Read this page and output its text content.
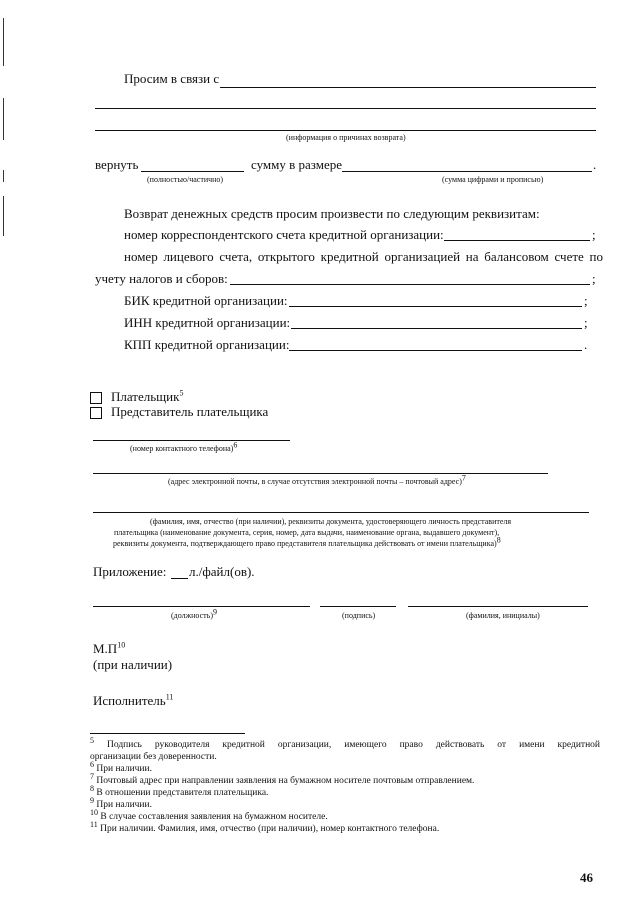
Просим в связи с
(информация о причинах возврата)
вернуть	сумму в размере	.
(полностью/частично)	(сумма цифрами и прописью)
Возврат денежных средств просим произвести по следующим реквизитам:
номер корреспондентского счета кредитной организации:	;
номер лицевого счета, открытого кредитной организацией на балансовом счете по
учету налогов и сборов:	;
БИК кредитной организации:	;
ИНН кредитной организации:	;
КПП кредитной организации:	.
Плательщик$^5$
Представитель плательщика
(номер контактного телефона)$^6$
(адрес электронной почты, в случае отсутствия электронной почты – почтовый адрес)$^7$
(фамилия, имя, отчество (при наличии), реквизиты документа, удостоверяющего личность представителя
плательщика (наименование документа, серия, номер, дата выдачи, наименование органа, выдавшего документ),
реквизиты документа, подтверждающего право представителя плательщика действовать от имени плательщика)$^8$
Приложение: л./файл(ов).
(должность)$^9$	(подпись)	(фамилия, инициалы)
$М.П^{10}$
(при наличии)
Исполнитель$^{11}$
$^5$ Подпись руководителя кредитной организации, имеющего право действовать от имени кредитной
организации без доверенности.
$^6$ При наличии.
$^7$ Почтовый адрес при направлении заявления на бумажном носителе почтовым отправлением.
$^8$ В отношении представителя плательщика.
$^9$ При наличии.
$^{10}$ В случае составления заявления на бумажном носителе.
$^{11}$ При наличии. Фамилия, имя, отчество (при наличии), номер контактного телефона.
46
